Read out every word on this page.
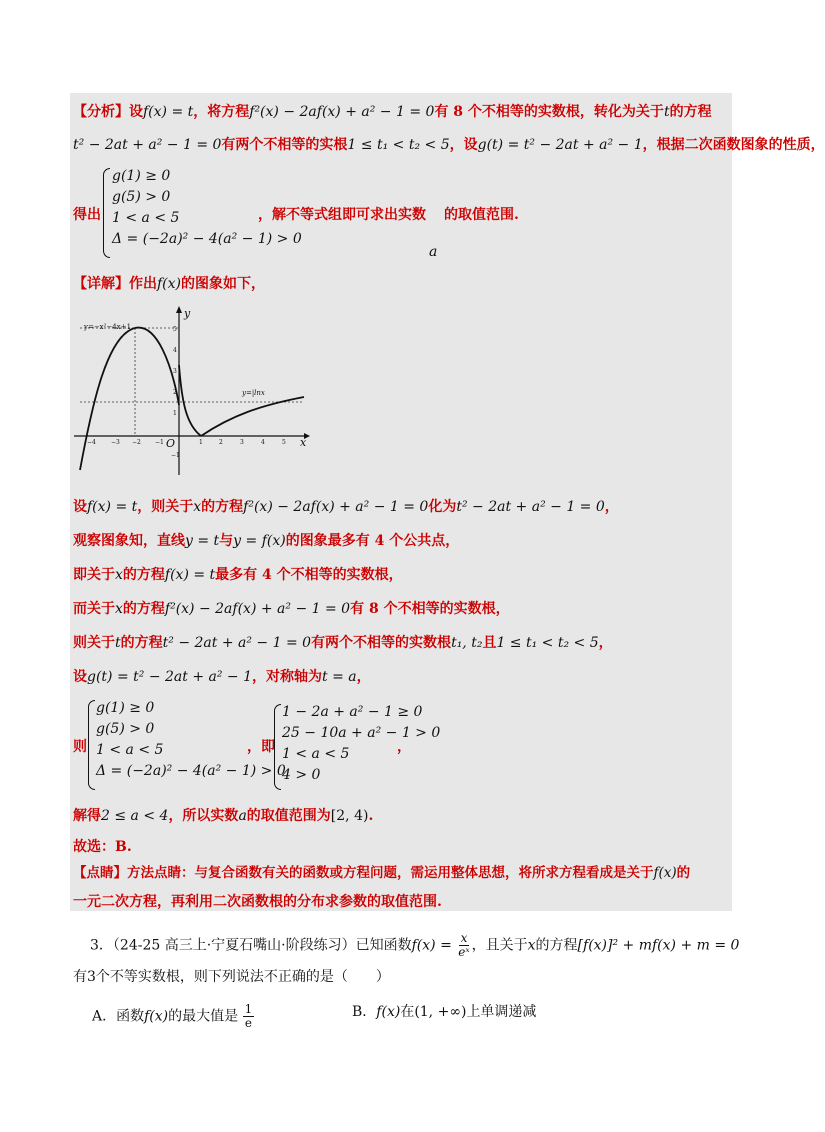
【分析】设f(x) = t，将方程f²(x) − 2af(x) + a² − 1 = 0有 8 个不相等的实数根，转化为关于t的方程
t² − 2at + a² − 1 = 0有两个不相等的实根1 ≤ t₁ < t₂ < 5，设g(t) = t² − 2at + a² − 1，根据二次函数图象的性质，
得出
g(1) ≥ 0
g(5) > 0
1 < a < 5
Δ = (−2a)² − 4(a² − 1) > 0
，解不等式组即可求出实数 的取值范围.
a
【详解】作出f(x)的图象如下，
y=−x²−4x+1
y=|lnx
x
y
O
−4	−3 −2 −1	1	2	3	4	5
5
4
3
2
1
−1
设f(x) = t，则关于x的方程f²(x) − 2af(x) + a² − 1 = 0化为t² − 2at + a² − 1 = 0，
观察图象知，直线y = t与y = f(x)的图象最多有 4 个公共点，
即关于x的方程f(x) = t最多有 4 个不相等的实数根，
而关于x的方程f²(x) − 2af(x) + a² − 1 = 0有 8 个不相等的实数根，
则关于t的方程t² − 2at + a² − 1 = 0有两个不相等的实数根t₁, t₂且1 ≤ t₁ < t₂ < 5，
设g(t) = t² − 2at + a² − 1，对称轴为t = a，
则
g(1) ≥ 0
g(5) > 0
1 < a < 5
Δ = (−2a)² − 4(a² − 1) > 0
，即
1 − 2a + a² − 1 ≥ 0
25 − 10a + a² − 1 > 0
1 < a < 5
4 > 0
，
解得2 ≤ a < 4，所以实数a的取值范围为[2, 4).
故选：B.
【点睛】方法点睛：与复合函数有关的函数或方程问题，需运用整体思想，将所求方程看成是关于f(x)的
一元二次方程，再利用二次函数根的分布求参数的取值范围.
3．（24-25 高三上·宁夏石嘴山·阶段练习）已知函数$f(x) = \frac{x}{\text{eˣ}}$ ，且关于x的方程[f(x)]² + mf(x) + m = 0
有3个不等实数根，则下列说法不正确的是（　　）
A．函数f(x)的最大值是 $\frac{1}{e}$	B．f(x)在(1, +∞)上单调递减
